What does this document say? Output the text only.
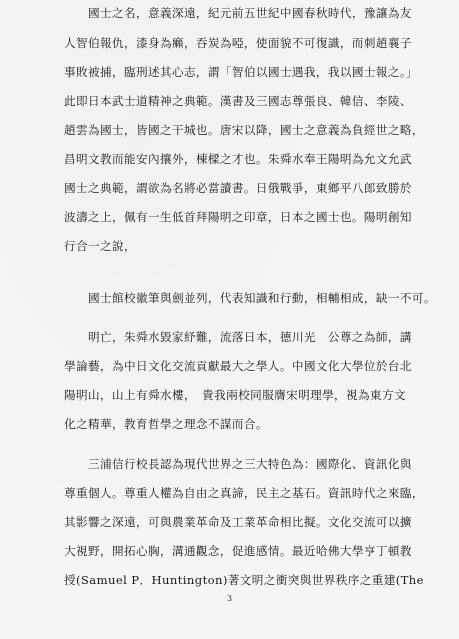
　　國士之名，意義深遠，紀元前五世紀中國春秋時代，豫讓為友
人智伯報仇，漆身為癩，吞炭為啞，使面貌不可復識，而刺趙襄子
事敗被捕，臨刑述其心志，謂「智伯以國士遇我，我以國士報之。」
此即日本武士道精神之典範。漢書及三國志尊張良、韓信、李陵、
趙雲為國士，皆國之干城也。唐宋以降，國士之意義為負經世之略，
昌明文教而能安內攘外，棟樑之才也。朱舜水奉王陽明為允文允武
國士之典範，謂欲為名將必當讀書。日俄戰爭，東鄉平八郎致勝於
波濤之上，佩有一生低首拜陽明之印章，日本之國士也。陽明創知
行合一之說，
　　國士館校徽筆與劍並列，代表知識和行動，相輔相成，缺一不可。
　　明亡，朱舜水毀家紓難，流落日本，德川光　公尊之為師，講
學論藝，為中日文化交流貢獻最大之學人。中國文化大學位於台北
陽明山，山上有舜水樓，　貴我兩校同服膺宋明理學，視為東方文
化之精華，教育哲學之理念不謀而合。
　　三浦信行校長認為現代世界之三大特色為：國際化、資訊化與
尊重個人。尊重人權為自由之真諦，民主之基石。資訊時代之來臨，
其影響之深遠，可與農業革命及工業革命相比擬。文化交流可以擴
大視野，開拓心胸，溝通觀念，促進感情。最近哈佛大學亨丁頓教
授(Samuel P．Huntington)著文明之衝突與世界秩序之重建(The
3
